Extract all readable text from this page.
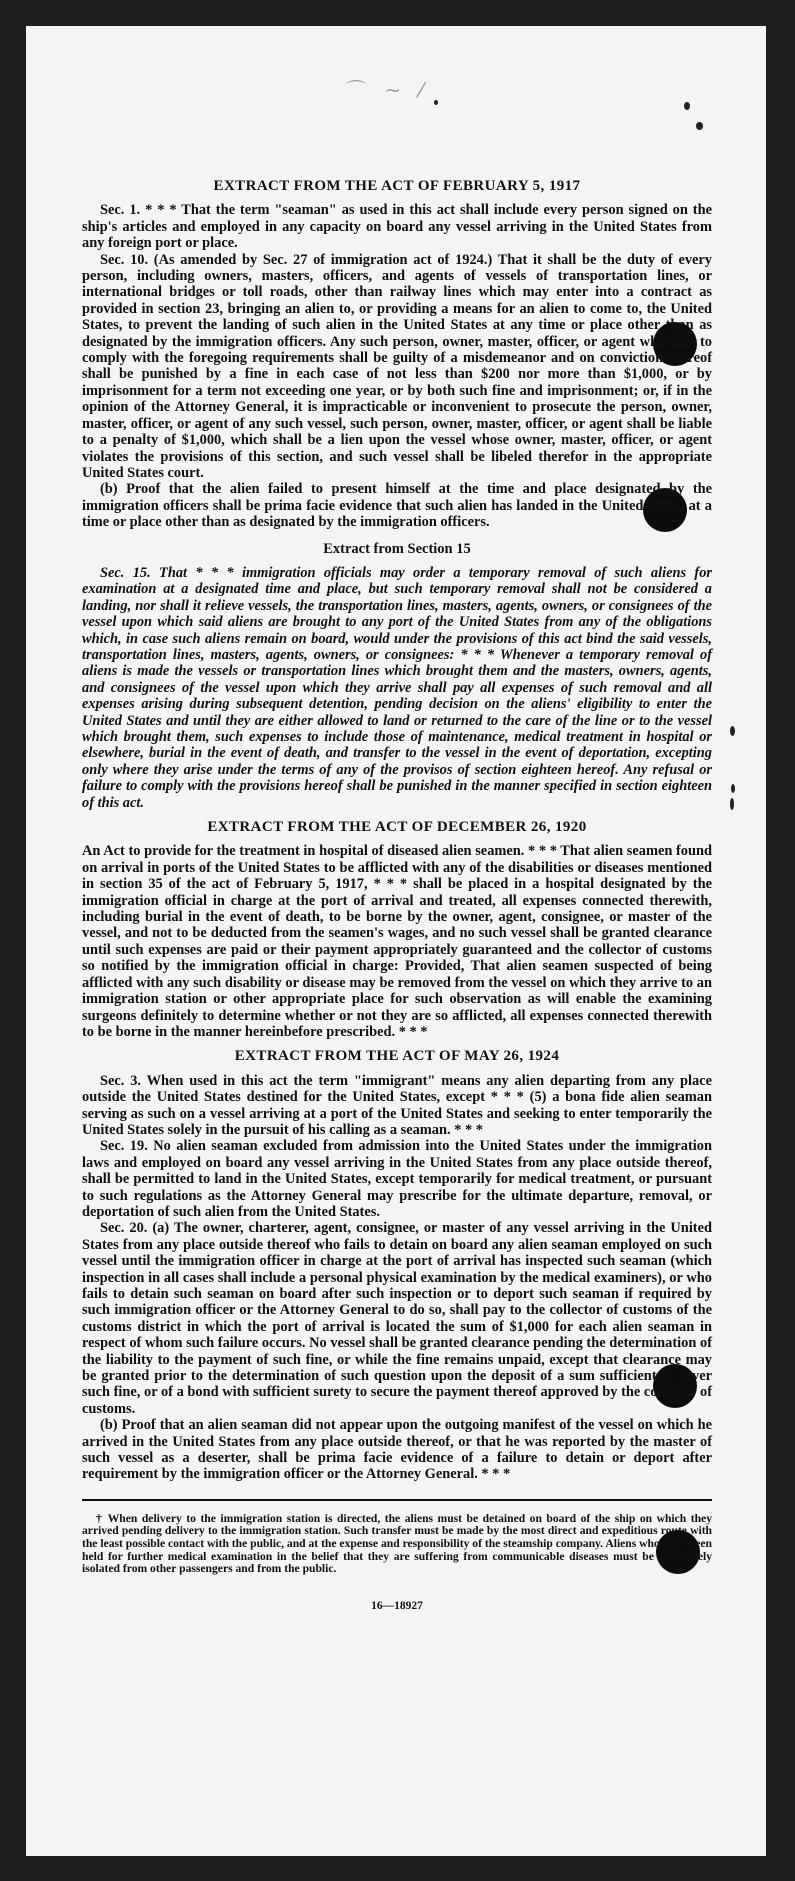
⌒ ~ ⁄
EXTRACT FROM THE ACT OF FEBRUARY 5, 1917

Sec. 1. * * * That the term "seaman" as used in this act shall include every person signed on the ship's articles and employed in any capacity on board any vessel arriving in the United States from any foreign port or place.

Sec. 10. (As amended by Sec. 27 of immigration act of 1924.) That it shall be the duty of every person, including owners, masters, officers, and agents of vessels of transportation lines, or international bridges or toll roads, other than railway lines which may enter into a contract as provided in section 23, bringing an alien to, or providing a means for an alien to come to, the United States, to prevent the landing of such alien in the United States at any time or place other than as designated by the immigration officers. Any such person, owner, master, officer, or agent who fails to comply with the foregoing requirements shall be guilty of a misdemeanor and on conviction thereof shall be punished by a fine in each case of not less than $200 nor more than $1,000, or by imprisonment for a term not exceeding one year, or by both such fine and imprisonment; or, if in the opinion of the Attorney General, it is impracticable or inconvenient to prosecute the person, owner, master, officer, or agent of any such vessel, such person, owner, master, officer, or agent shall be liable to a penalty of $1,000, which shall be a lien upon the vessel whose owner, master, officer, or agent violates the provisions of this section, and such vessel shall be libeled therefor in the appropriate United States court.

(b) Proof that the alien failed to present himself at the time and place designated by the immigration officers shall be prima facie evidence that such alien has landed in the United States at a time or place other than as designated by the immigration officers.

Extract from Section 15

Sec. 15. That * * * immigration officials may order a temporary removal of such aliens for examination at a designated time and place, but such temporary removal shall not be considered a landing, nor shall it relieve vessels, the transportation lines, masters, agents, owners, or consignees of the vessel upon which said aliens are brought to any port of the United States from any of the obligations which, in case such aliens remain on board, would under the provisions of this act bind the said vessels, transportation lines, masters, agents, owners, or consignees: * * * Whenever a temporary removal of aliens is made the vessels or transportation lines which brought them and the masters, owners, agents, and consignees of the vessel upon which they arrive shall pay all expenses of such removal and all expenses arising during subsequent detention, pending decision on the aliens' eligibility to enter the United States and until they are either allowed to land or returned to the care of the line or to the vessel which brought them, such expenses to include those of maintenance, medical treatment in hospital or elsewhere, burial in the event of death, and transfer to the vessel in the event of deportation, excepting only where they arise under the terms of any of the provisos of section eighteen hereof. Any refusal or failure to comply with the provisions hereof shall be punished in the manner specified in section eighteen of this act.

EXTRACT FROM THE ACT OF DECEMBER 26, 1920

An Act to provide for the treatment in hospital of diseased alien seamen. * * * That alien seamen found on arrival in ports of the United States to be afflicted with any of the disabilities or diseases mentioned in section 35 of the act of February 5, 1917, * * * shall be placed in a hospital designated by the immigration official in charge at the port of arrival and treated, all expenses connected therewith, including burial in the event of death, to be borne by the owner, agent, consignee, or master of the vessel, and not to be deducted from the seamen's wages, and no such vessel shall be granted clearance until such expenses are paid or their payment appropriately guaranteed and the collector of customs so notified by the immigration official in charge: Provided, That alien seamen suspected of being afflicted with any such disability or disease may be removed from the vessel on which they arrive to an immigration station or other appropriate place for such observation as will enable the examining surgeons definitely to determine whether or not they are so afflicted, all expenses connected therewith to be borne in the manner hereinbefore prescribed. * * *

EXTRACT FROM THE ACT OF MAY 26, 1924

Sec. 3. When used in this act the term "immigrant" means any alien departing from any place outside the United States destined for the United States, except * * * (5) a bona fide alien seaman serving as such on a vessel arriving at a port of the United States and seeking to enter temporarily the United States solely in the pursuit of his calling as a seaman. * * *

Sec. 19. No alien seaman excluded from admission into the United States under the immigration laws and employed on board any vessel arriving in the United States from any place outside thereof, shall be permitted to land in the United States, except temporarily for medical treatment, or pursuant to such regulations as the Attorney General may prescribe for the ultimate departure, removal, or deportation of such alien from the United States.

Sec. 20. (a) The owner, charterer, agent, consignee, or master of any vessel arriving in the United States from any place outside thereof who fails to detain on board any alien seaman employed on such vessel until the immigration officer in charge at the port of arrival has inspected such seaman (which inspection in all cases shall include a personal physical examination by the medical examiners), or who fails to detain such seaman on board after such inspection or to deport such seaman if required by such immigration officer or the Attorney General to do so, shall pay to the collector of customs of the customs district in which the port of arrival is located the sum of $1,000 for each alien seaman in respect of whom such failure occurs. No vessel shall be granted clearance pending the determination of the liability to the payment of such fine, or while the fine remains unpaid, except that clearance may be granted prior to the determination of such question upon the deposit of a sum sufficient to cover such fine, or of a bond with sufficient surety to secure the payment thereof approved by the collector of customs.

(b) Proof that an alien seaman did not appear upon the outgoing manifest of the vessel on which he arrived in the United States from any place outside thereof, or that he was reported by the master of such vessel as a deserter, shall be prima facie evidence of a failure to detain or deport after requirement by the immigration officer or the Attorney General. * * *

† When delivery to the immigration station is directed, the aliens must be detained on board of the ship on which they arrived pending delivery to the immigration station. Such transfer must be made by the most direct and expeditious route with the least possible contact with the public, and at the expense and responsibility of the steamship company. Aliens who have been held for further medical examination in the belief that they are suffering from communicable diseases must be completely isolated from other passengers and from the public.

16—18927
